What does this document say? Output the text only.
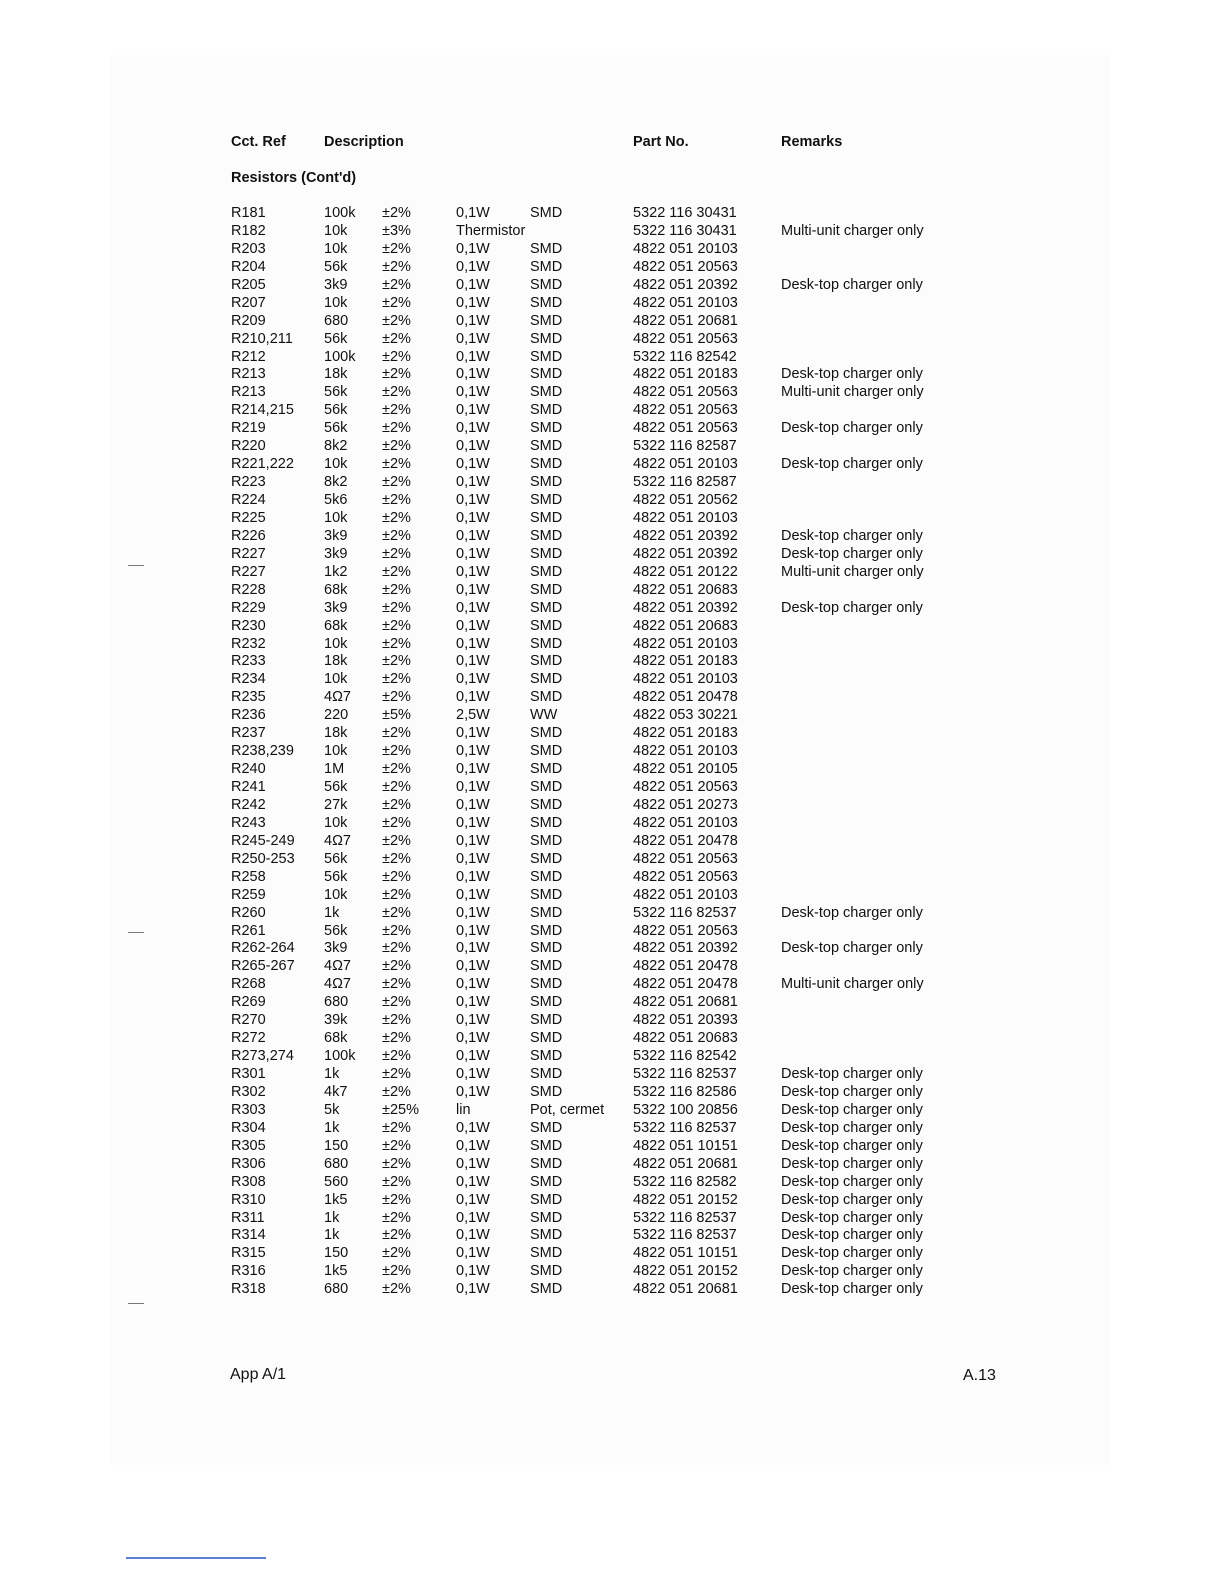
Cct. Ref	Description	Part No.	Remarks
Resistors (Cont'd)
R181	100k ±2%	0,1W	SMD	5322 116 30431
R182	10k ±3%	Thermistor	5322 116 30431	Multi-unit charger only
R203	10k ±2%	0,1W	SMD	4822 051 20103
R204	56k ±2%	0,1W	SMD	4822 051 20563
R205	3k9 ±2%	0,1W	SMD	4822 051 20392	Desk-top charger only
R207	10k ±2%	0,1W	SMD	4822 051 20103
R209	680 ±2%	0,1W	SMD	4822 051 20681
R210,211 56k ±2%	0,1W	SMD	4822 051 20563
R212	100k ±2%	0,1W	SMD	5322 116 82542
R213	18k ±2%	0,1W	SMD	4822 051 20183	Desk-top charger only
R213	56k ±2%	0,1W	SMD	4822 051 20563	Multi-unit charger only
R214,215 56k ±2%	0,1W	SMD	4822 051 20563
R219	56k ±2%	0,1W	SMD	4822 051 20563	Desk-top charger only
R220	8k2 ±2%	0,1W	SMD	5322 116 82587
R221,222 10k ±2%	0,1W	SMD	4822 051 20103	Desk-top charger only
R223	8k2 ±2%	0,1W	SMD	5322 116 82587
R224	5k6 ±2%	0,1W	SMD	4822 051 20562
R225	10k ±2%	0,1W	SMD	4822 051 20103
R226	3k9 ±2%	0,1W	SMD	4822 051 20392	Desk-top charger only
R227	3k9 ±2%	0,1W	SMD	4822 051 20392	Desk-top charger only
R227	1k2 ±2%	0,1W	SMD	4822 051 20122	Multi-unit charger only
R228	68k ±2%	0,1W	SMD	4822 051 20683
R229	3k9 ±2%	0,1W	SMD	4822 051 20392	Desk-top charger only
R230	68k ±2%	0,1W	SMD	4822 051 20683
R232	10k ±2%	0,1W	SMD	4822 051 20103
R233	18k ±2%	0,1W	SMD	4822 051 20183
R234	10k ±2%	0,1W	SMD	4822 051 20103
R235	4Ω7 ±2%	0,1W	SMD	4822 051 20478
R236	220 ±5%	2,5W	WW	4822 053 30221
R237	18k ±2%	0,1W	SMD	4822 051 20183
R238,239 10k ±2%	0,1W	SMD	4822 051 20103
R240	1M	±2%	0,1W	SMD	4822 051 20105
R241	56k ±2%	0,1W	SMD	4822 051 20563
R242	27k ±2%	0,1W	SMD	4822 051 20273
R243	10k ±2%	0,1W	SMD	4822 051 20103
R245-249 4Ω7 ±2%	0,1W	SMD	4822 051 20478
R250-253 56k ±2%	0,1W	SMD	4822 051 20563
R258	56k ±2%	0,1W	SMD	4822 051 20563
R259	10k ±2%	0,1W	SMD	4822 051 20103
R260	1k	±2%	0,1W	SMD	5322 116 82537	Desk-top charger only
R261	56k ±2%	0,1W	SMD	4822 051 20563
R262-264 3k9 ±2%	0,1W	SMD	4822 051 20392	Desk-top charger only
R265-267 4Ω7 ±2%	0,1W	SMD	4822 051 20478
R268	4Ω7 ±2%	0,1W	SMD	4822 051 20478	Multi-unit charger only
R269	680 ±2%	0,1W	SMD	4822 051 20681
R270	39k ±2%	0,1W	SMD	4822 051 20393
R272	68k ±2%	0,1W	SMD	4822 051 20683
R273,274 100k ±2%	0,1W	SMD	5322 116 82542
R301	1k	±2%	0,1W	SMD	5322 116 82537	Desk-top charger only
R302	4k7 ±2%	0,1W	SMD	5322 116 82586	Desk-top charger only
R303	5k	±25%	lin	Pot, cermet 5322 100 20856	Desk-top charger only
R304	1k	±2%	0,1W	SMD	5322 116 82537	Desk-top charger only
R305	150 ±2%	0,1W	SMD	4822 051 10151	Desk-top charger only
R306	680 ±2%	0,1W	SMD	4822 051 20681	Desk-top charger only
R308	560 ±2%	0,1W	SMD	5322 116 82582	Desk-top charger only
R310	1k5 ±2%	0,1W	SMD	4822 051 20152	Desk-top charger only
R311	1k	±2%	0,1W	SMD	5322 116 82537	Desk-top charger only
R314	1k	±2%	0,1W	SMD	5322 116 82537	Desk-top charger only
R315	150 ±2%	0,1W	SMD	4822 051 10151	Desk-top charger only
R316	1k5 ±2%	0,1W	SMD	4822 051 20152	Desk-top charger only
R318	680 ±2%	0,1W	SMD	4822 051 20681	Desk-top charger only
App A/1	A.13
